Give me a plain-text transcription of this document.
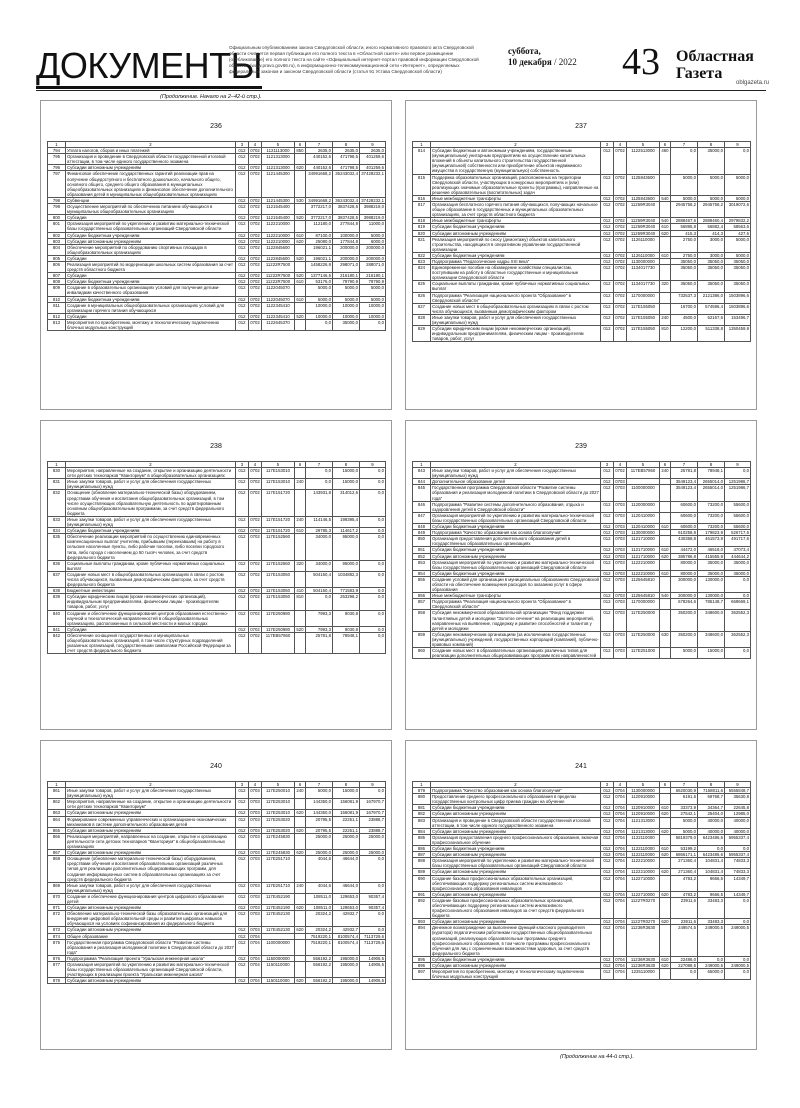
ДОКУМЕНТЫ
Официальным опубликованием закона Свердловской области, иного нормативного правового акта Свердловской области считается первая публикация его полного текста в «Областной газете» или первое размещение (опубликование) его полного текста на сайте «Официальный интернет-портал правовой информации Свердловской области» (www.pravo.gov66.ru), в информационно-телекоммуникационной сети «Интернет», определяемых федеральным законом и законом Свердловской области (статья 91 Устава Свердловской области)
суббота,
10 декабря / 2022 43 Областная
Газета
oblgazeta.ru
(Продолжение. Начало на 2–42-й стр.).
236
1	2	3	4	5	6	7	8	9
794	Уплата налогов, сборов и иных платежей	012	0702	1121113000	850	2635,0	2635,0	2635,0
795	Организация и проведение в Свердловской области государственной итоговой аттестации, в том числе единого государственного экзамена	012	0702	1121313000		440152,6	471798,5	401259,6
796	Субсидии автономным учреждениям	012	0702	1121313000	620	440152,6	471798,5	401259,6
797	Финансовое обеспечение государственных гарантий реализации прав на получение общедоступного и бесплатного дошкольного, начального общего, основного общего, среднего общего образования в муниципальных общеобразовательных организациях и финансовое обеспечение дополнительного образования детей в муниципальных общеобразовательных организациях	012	0702	1121445300		34991668,2	36243032,4	37428232,1
798	Субвенции	012	0702	1121445300	530	34991668,2	36243032,4	37428232,1
799	Осуществление мероприятий по обеспечению питанием обучающихся в муниципальных общеобразовательных организациях	012	0702	1121545400		3772217,0	3837428,5	3988219,0
800	Субсидии	012	0702	1121545400	520	3772217,0	3837428,5	3988219,0
801	Организация мероприятий по укреплению и развитию материально-технической базы государственных образовательных организаций Свердловской области	012	0702	1122210000		112180,0	277844,8	11000,0
802	Субсидии бюджетным учреждениям	012	0702	1122210000	610	87100,0	100000,0	5000,0
803	Субсидии автономным учреждениям	012	0702	1122210000	620	25080,0	177844,8	6000,0
804	Обеспечение мероприятий по оборудованию спортивных площадок в общеобразовательных организациях	012	0702	1122845600		196021,1	200000,0	200000,0
805	Субсидии	012	0702	1122845600	520	196021,1	200000,0	200000,0
806	Реализация мероприятий по модернизации школьных систем образования за счет средств областного бюджета	012	0702	11222R7500		1458226,9	298071,0	288071,0
807	Субсидии	012	0702	11222R7500	520	1377146,5	216180,1	216180,1
808	Субсидии бюджетным учреждениям	012	0702	11222R7500	610	53176,0	79790,9	79790,9
809	Создание в образовательных организациях условий для получения детьми-инвалидами качественного образования	012	0702	1122045070		5000,0	5000,0	5000,0
810	Субсидии бюджетным учреждениям	012	0702	1122045070	610	5000,0	5000,0	5000,0
811	Создание в муниципальных общеобразовательных организациях условий для организации горячего питания обучающихся	012	0702	1122345410		10000,0	10000,0	10000,0
812	Субсидии	012	0702	1122345410	520	10000,0	10000,0	10000,0
813	Мероприятия по приобретению, монтажу и технологическому подключению блочных модульных конструкций	012	0702	1122645370		0,0	35000,0	0,0
237
1	2	3	4	5	6	7	8	9
814	Субсидии бюджетным и автономным учреждениям, государственным (муниципальным) унитарным предприятиям на осуществление капитальных вложений в объекты капитального строительства государственной (муниципальной) собственности или приобретение объектов недвижимого имущества в государственную (муниципальную) собственность	012	0702	1122513000	460	0,0	35000,0	0,0
815	Поддержка образовательных организаций, расположенных на территории Свердловской области, участвующих в конкурсных мероприятиях и (или) реализующих значимые образовательные проекты (программы), направленные на решение образовательных (воспитательных) задач	012	0702	1125843600		5000,0	5000,0	5000,0
816	Иные межбюджетные трансферты	012	0702	1125843600	540	5000,0	5000,0	5000,0
817	Организация бесплатного горячего питания обучающихся, получающих начальное общее образование в государственных и муниципальных образовательных организациях, за счет средств областного бюджета	012	0702	11259R3040		2945758,2	2945758,2	3019072,6
818	Иные межбюджетные трансферты	012	0702	11259R3040	540	2888467,6	2888460,4	2979832,2
819	Субсидии бюджетным учреждениям	012	0702	11259R3040	610	56895,8	56882,4	58563,6
820	Субсидии автономным учреждениям	012	0702	11259R3040	620	415,3	414,3	427,6
821	Реализация мероприятий по сносу (демонтажу) объектов капитального строительства, находящихся в оперативном управлении государственной организации	012	0702	1126110000		2750,0	3000,0	5000,0
822	Субсидии бюджетным учреждениям	012	0702	1126110000	610	2750,0	3000,0	5000,0
823	Подпрограмма "Педагогические кадры XXI века"	012	0702	1130000000		35050,0	35050,0	35050,0
824	Единовременное пособие на обзаведение хозяйством специалистам, поступившим на работу в областные государственные и муниципальные организации Свердловской области	012	0702	1134017730		35050,0	35050,0	35050,0
825	Социальные выплаты гражданам, кроме публичных нормативных социальных выплат	012	0702	1134017730	320	35050,0	35050,0	35050,0
826	Подпрограмма "Реализация национального проекта "Образование" в Свердловской области"	012	0702	1170000000		732537,3	2121386,0	1503896,6
827	Создание новых мест в общеобразовательных организациях в связи с ростом числа обучающихся, вызванным демографическим фактором	012	0702	117E155050		16700,0	574596,4	1503896,6
828	Иные закупки товаров, работ и услуг для обеспечения государственных (муниципальных) нужд	012	0702	117E155050	240	4500,0	62167,6	153496,7
829	Субсидии юридическим лицам (кроме некоммерческих организаций), индивидуальным предпринимателям, физическим лицам - производителям товаров, работ, услуг	012	0702	117E155050	810	12200,0	511338,8	1350459,9
238
1	2	3	4	5	6	7	8	9
830	Мероприятия, направленные на создание, открытие и организацию деятельности сети детских технопарков "Кванториум" в общеобразовательных организациях	012	0702	117E153010		0,0	15000,0	0,0
831	Иные закупки товаров, работ и услуг для обеспечения государственных (муниципальных) нужд	012	0702	117E153010	240	0,0	15000,0	0,0
832	Оснащение (обновление материально-технической базы) оборудованием, средствами обучения и воспитания общеобразовательных организаций, в том числе осуществляющих образовательную деятельность по адаптированным основным общеобразовательным программам, за счет средств федерального бюджета	012	0702	117E151720		143931,8	314012,6	0,0
833	Иные закупки товаров, работ и услуг для обеспечения государственных (муниципальных) нужд	012	0702	117E151720	240	114146,5	199395,4	0,0
834	Субсидии бюджетным учреждениям	012	0702	117E151720	610	29785,3	114617,2	0,0
835	Обеспечение реализации мероприятий по осуществлению единовременных компенсационных выплат учителям, прибывшим (переехавшим) на работу в сельские населенные пункты, либо рабочие поселки, либо поселки городского типа, либо города с населением до 50 тысяч человек, за счет средств федерального бюджета	012	0702	117E152560		34000,0	95000,0	0,0
836	Социальные выплаты гражданам, кроме публичных нормативных социальных выплат	012	0702	117E152560	320	34000,0	95000,0	0,0
837	Создание новых мест в общеобразовательных организациях в связи с ростом числа обучающихся, вызванным демографическим фактором, за счет средств федерального бюджета	012	0702	117E153050		504150,4	1034882,3	0,0
838	Бюджетные инвестиции	012	0702	117E153050	410	504150,4	771583,9	0,0
839	Субсидии юридическим лицам (кроме некоммерческих организаций), индивидуальным предпринимателям, физическим лицам - производителям товаров, работ, услуг	012	0702	117E153050	810	0,0	263298,2	0,0
840	Создание и обеспечение функционирования центров образования естественно-научной и технологической направленностей в общеобразовательных организациях, расположенных в сельской местности и малых городах	012	0702	117E250980		7993,3	9030,8	0,0
841	Субсидии	012	0702	117E250980	520	7993,3	9030,8	0,0
842	Обеспечение оснащения государственных и муниципальных общеобразовательных организаций, в том числе структурных подразделений указанных организаций, государственными символами Российской Федерации за счет средств федерального бюджета	012	0702	117EB57860		25781,8	78948,1	0,0
239
1	2	3	4	5	6	7	8	9
843	Иные закупки товаров, работ и услуг для обеспечения государственных (муниципальных) нужд	012	0702	117EB57860	240	25781,8	78948,1	0,0
844	Дополнительное образование детей	012	0703			3549123,4	2655014,0	1251986,7
845	Государственная программа Свердловской области "Развитие системы образования и реализация молодежной политики в Свердловской области до 2027 года"	012	0703	1100000000		3549123,4	2655014,0	1251986,7
846	Подпрограмма "Развитие системы дополнительного образования, отдыха и оздоровления детей в Свердловской области"	012	0703	1120000000		60600,0	73200,0	55600,0
847	Организация мероприятий по укреплению и развитию материально-технической базы государственных образовательных организаций Свердловской области	012	0703	1120410000		60600,0	73200,0	55600,0
848	Субсидии бюджетным учреждениям	012	0703	1120410000	610	60600,0	73200,0	55600,0
849	Подпрограмма "Качество образования как основа благополучия"	012	0703	1130000000		610258,8	179823,9	526717,6
850	Организация предоставления дополнительного образования детей в государственных образовательных организациях	012	0703	1121710000		430358,8	461573,9	491717,6
851	Субсидии бюджетным учреждениям	012	0703	1121710000	610	44472,0	46518,0	47073,4
852	Субсидии автономным учреждениям	012	0703	1121710000	620	385786,8	415555,9	444644,2
853	Организация мероприятий по укреплению и развитию материально-технической базы государственных образовательных организаций Свердловской области	012	0703	1122210000		80000,0	35000,0	35000,0
854	Субсидии бюджетным учреждениям	012	0703	1122210000	610	80000,0	35000,0	35000,0
855	Создание условий для организации в муниципальных образованиях Свердловской области на обеспечение возмещения расходов по оказанию услуг в сфере образования	012	0703	1125645810		300000,0	130000,0	0,0
856	Иные межбюджетные трансферты	012	0703	1125645810	540	300000,0	130000,0	0,0
857	Подпрограмма "Реализация национального проекта "Образование" в Свердловской области"	012	0703	1170000000		678264,6	785148,7	669669,1
858	Субсидия некоммерческой образовательной организации "Фонд поддержки талантливых детей и молодежи "Золотое сечение" на реализацию мероприятий, направленных на выявление, поддержку и развитие способностей и талантов у детей и молодежи	012	0703	117E250000		350200,0	348600,0	362552,3
859	Субсидии некоммерческим организациям (за исключением государственных (муниципальных) учреждений, государственных корпораций (компаний), публично-правовых компаний)	012	0703	117E250000	630	350200,0	348600,0	362552,3
860	Создание новых мест в образовательных организациях различных типов для реализации дополнительных общеразвивающих программ всех направленностей	012	0703	117E251000		5000,0	15000,0	0,0
240
1	2	3	4	5	6	7	8	9
861	Иные закупки товаров, работ и услуг для обеспечения государственных (муниципальных) нужд	012	0703	117E250010	240	5000,0	15000,0	0,0
862	Мероприятия, направленные на создание, открытие и организацию деятельности сети детских технопарков "Кванториум"	012	0703	117E253010		144350,0	156081,9	167970,7
863	Субсидии автономным учреждениям	012	0703	117E253010	620	144350,0	156081,9	167970,7
864	Формирование современных управленческих и организационно-экономических механизмов в системе дополнительного образования детей	012	0703	117E253020		20795,5	22251,1	23888,7
865	Субсидии автономным учреждениям	012	0703	117E253020	620	20795,5	22251,1	23888,7
866	Реализация мероприятий, направленных на создание, открытие и организацию деятельности сети детских технопарков "Кванториум" в общеобразовательных организациях	012	0703	117E245830		25000,0	25000,0	25000,0
867	Субсидии автономным учреждениям	012	0703	117E245830	620	25000,0	25000,0	25000,0
868	Оснащение (обновление материально-технической базы) оборудованием, средствами обучения и воспитания образовательных организаций различных типов для реализации дополнительных общеразвивающих программ, для создания информационных систем в образовательных организациях за счет средств федерального бюджета	012	0703	117E251710		4044,6	46644,0	0,0
869	Иные закупки товаров, работ и услуг для обеспечения государственных (муниципальных) нужд	012	0703	117E251710	240	4044,6	46644,0	0,0
870	Создание и обеспечение функционирования центров цифрового образования детей	012	0703	117E452190		108511,0	129653,0	90357,4
871	Субсидии автономным учреждениям	012	0703	117E452190	620	108511,0	129653,0	90357,4
872	Обновление материально-технической базы образовательных организаций для внедрения цифровой образовательной среды и развития цифровых навыков обучающихся на условиях софинансирования из федерального бюджета	012	0703	117E452130		20324,2	42932,7	0,0
873	Субсидии автономным учреждениям	012	0703	117E452130	620	20324,2	42932,7	0,0
874	Общее образование	012	0704			7519220,1	8100574,4	7113729,6
875	Государственная программа Свердловской области "Развитие системы образования и реализация молодежной политики в Свердловской области до 2027 года"	012	0704	1100000000		7519220,1	8100574,4	7113729,6
876	Подпрограмма "Реализация проекта "Уральская инженерная школа"	012	0704	1150000000		556192,2	195000,0	14906,5
877	Организация мероприятий по укреплению и развитию материально-технической базы государственных образовательных организаций Свердловской области, участвующих в реализации проекта "Уральская инженерная школа"	012	0704	1150110000		556192,2	195000,0	14906,5
878	Субсидии автономным учреждениям	012	0704	1150110000	620	556192,2	195000,0	14906,5
241
1	2	3	4	5	6	7	8	9
879	Подпрограмма "Качество образования как основа благополучия"	012	0704	1130000000		6620030,9	7158811,6	6555848,7
880	Предоставление среднего профессионального образования в пределах государственных контрольных цифр приема граждан на обучение	012	0704	1120910000		6191,5	59768,7	35630,8
881	Субсидии бюджетным учреждениям	012	0704	1120910000	610	33373,9	34364,7	22645,8
882	Субсидии автономным учреждениям	012	0704	1120910000	620	27542,1	25404,0	12985,0
883	Организация и проведение в Свердловской области государственной итоговой аттестации, в том числе единого государственного экзамена	012	0704	1121313000		5000,0	40000,0	40000,0
884	Субсидии автономным учреждениям	012	0704	1121313000	620	5000,0	40000,0	40000,0
885	Организация предоставления среднего профессионального образования, включая профессиональное обучение	012	0704	1122110000		5819379,0	6423486,6	5955337,4
886	Субсидии бюджетным учреждениям	012	0704	1122110000	610	53199,2	0,0	0,0
887	Субсидии автономным учреждениям	012	0704	1122110000	620	5866171,1	6423486,6	5955337,4
888	Организация мероприятий по укреплению и развитию материально-технической базы государственных образовательных организаций Свердловской области	012	0704	1122210000		271360,4	104831,4	74833,3
889	Субсидии автономным учреждениям	012	0704	1122210000	620	271360,4	104831,4	74833,3
890	Создание базовых профессиональных образовательных организаций, обеспечивающих поддержку региональных систем инклюзивного профессионального образования инвалидов	012	0704	1122710000		4783,2	9666,5	14349,7
891	Субсидии автономным учреждениям	012	0704	1122710000	620	4783,2	9666,5	14349,7
892	Создание базовых профессиональных образовательных организаций, обеспечивающих поддержку региональных систем инклюзивного профессионального образования инвалидов за счет средств федерального бюджета	012	0704	11227R0270		23911,6	33483,3	0,0
893	Субсидии автономным учреждениям	012	0704	11227R0270	620	23911,6	33483,3	0,0
894	Денежное вознаграждение за выполнение функций классного руководителя (куратора) педагогическим работникам государственных общеобразовательных организаций, реализующих образовательные программы среднего профессионального образования, в том числе программы профессионального обучения для лиц с ограниченными возможностями здоровья, за счет средств федерального бюджета	012	0704	11236R3630		249574,5	249000,5	249000,5
895	Субсидии бюджетным учреждениям	012	0704	11236R3630	610	22486,0	0,0	0,0
896	Субсидии автономным учреждениям	012	0704	11236R3630	620	227088,5	249000,5	249000,5
897	Мероприятия по приобретению, монтажу и технологическому подключению блочных модульных конструкций	012	0704	1225110000		0,0	65000,0	0,0
(Продолжение на 44-й стр.).
